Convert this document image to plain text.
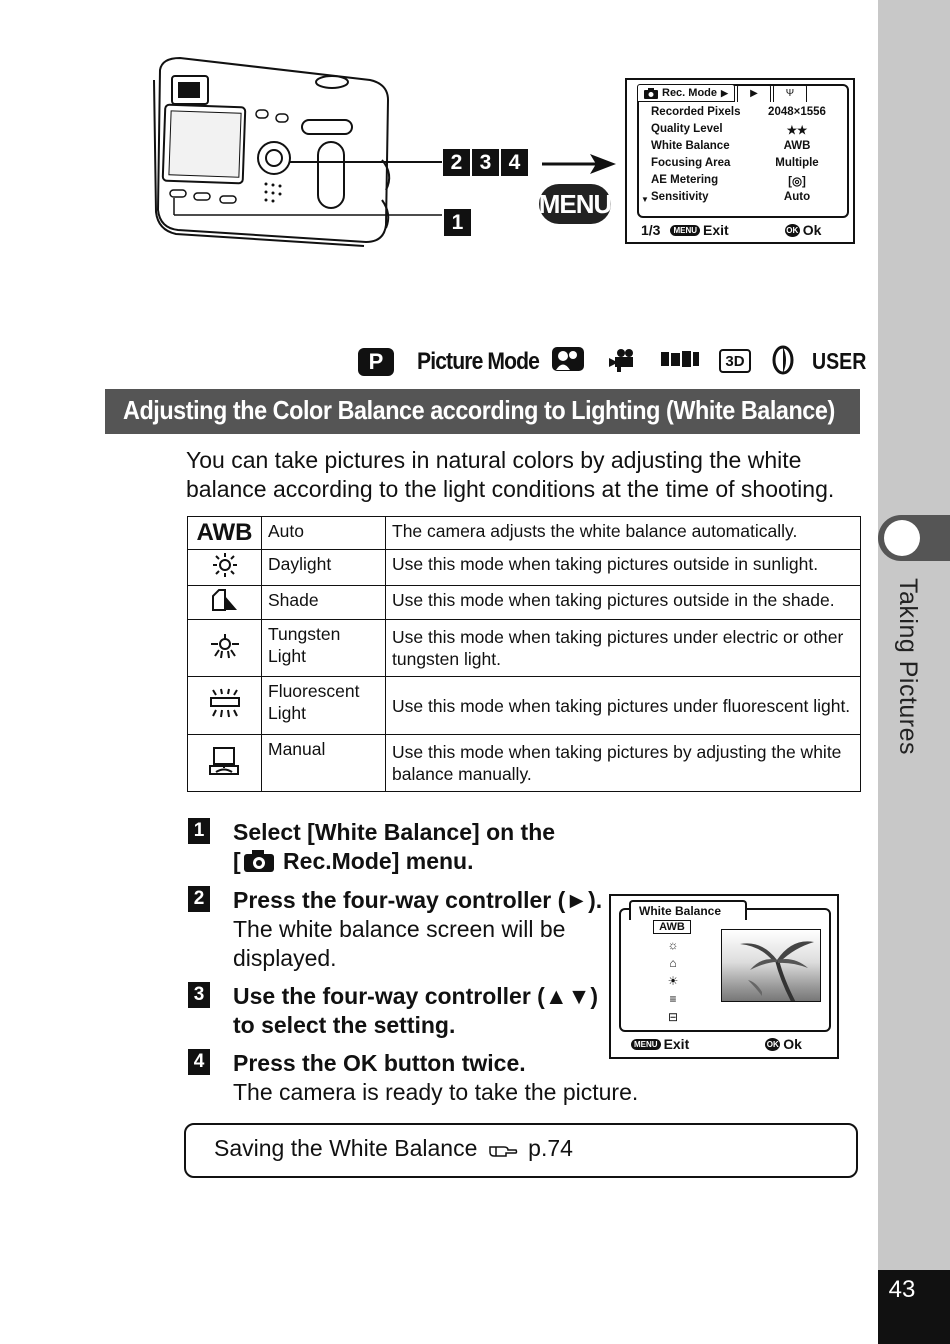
Taking Pictures
43
2 3 4
1
MENU
Rec. Mode ▶ ▶	Ψ
Recorded Pixels	2048×1556
Quality Level	★★
White Balance	AWB
Focusing Area	Multiple
AE Metering	[◎]
Sensitivity	Auto
▼
1/3	MENU Exit	OK Ok
P	Picture Mode	3D	USER
Adjusting the Color Balance according to Lighting (White Balance)

You can take pictures in natural colors by adjusting the white balance according to the light conditions at the time of shooting.

AWB	Auto	The camera adjusts the white balance automatically.
	Daylight	Use this mode when taking pictures outside in sunlight.
	Shade	Use this mode when taking pictures outside in the shade.
	Tungsten Light	Use this mode when taking pictures under electric or other tungsten light.
	Fluorescent Light	Use this mode when taking pictures under fluorescent light.
	Manual	Use this mode when taking pictures by adjusting the white balance manually.
1 Select [White Balance] on the
[ Rec.Mode] menu.
2 Press the four-way controller (►).
The white balance screen will be displayed.
3 Use the four-way controller (▲▼)
to select the setting.
4 Press the OK button twice.
The camera is ready to take the picture.
White Balance
AWB
☼
⌂
☀
≡
⊟
MENU Exit	OK Ok
Saving the White Balance p.74
